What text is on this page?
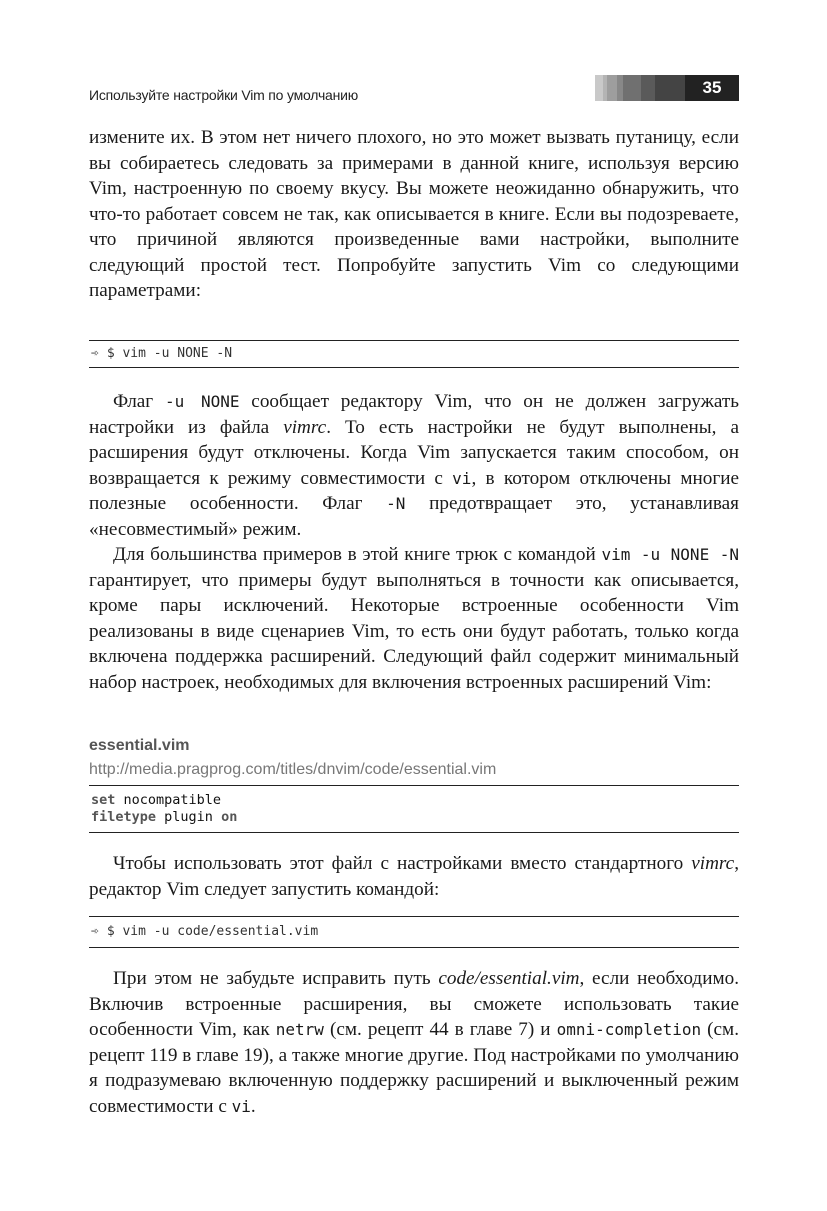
Используйте настройки Vim по умолчанию	35

измените их. В этом нет ничего плохого, но это может вызвать путаницу, если вы собираетесь следовать за примерами в данной книге, используя версию Vim, настроенную по своему вкусу. Вы можете неожиданно обнаружить, что что-то работает совсем не так, как описывается в книге. Если вы подозреваете, что причиной являются произведенные вами настройки, выполните следующий простой тест. Попробуйте запустить Vim со следующими параметрами:

➾ $ vim -u NONE -N

Флаг -u NONE сообщает редактору Vim, что он не должен загружать настройки из файла vimrc. То есть настройки не будут выполнены, а расширения будут отключены. Когда Vim запускается таким способом, он возвращается к режиму совместимости с vi, в котором отключены многие полезные особенности. Флаг -N предотвращает это, устанавливая «несовместимый» режим.

Для большинства примеров в этой книге трюк с командой vim -u NONE -N гарантирует, что примеры будут выполняться в точности как описывается, кроме пары исключений. Некоторые встроенные особенности Vim реализованы в виде сценариев Vim, то есть они будут работать, только когда включена поддержка расширений. Следующий файл содержит минимальный набор настроек, необходимых для включения встроенных расширений Vim:

essential.vim
http://media.pragprog.com/titles/dnvim/code/essential.vim
set nocompatible
filetype plugin on

Чтобы использовать этот файл с настройками вместо стандартного vimrc, редактор Vim следует запустить командой:

➾ $ vim -u code/essential.vim

При этом не забудьте исправить путь code/essential.vim, если необходимо. Включив встроенные расширения, вы сможете использовать такие особенности Vim, как netrw (см. рецепт 44 в главе 7) и omni-completion (см. рецепт 119 в главе 19), а также многие другие. Под настройками по умолчанию я подразумеваю включенную поддержку расширений и выключенный режим совместимости с vi.
